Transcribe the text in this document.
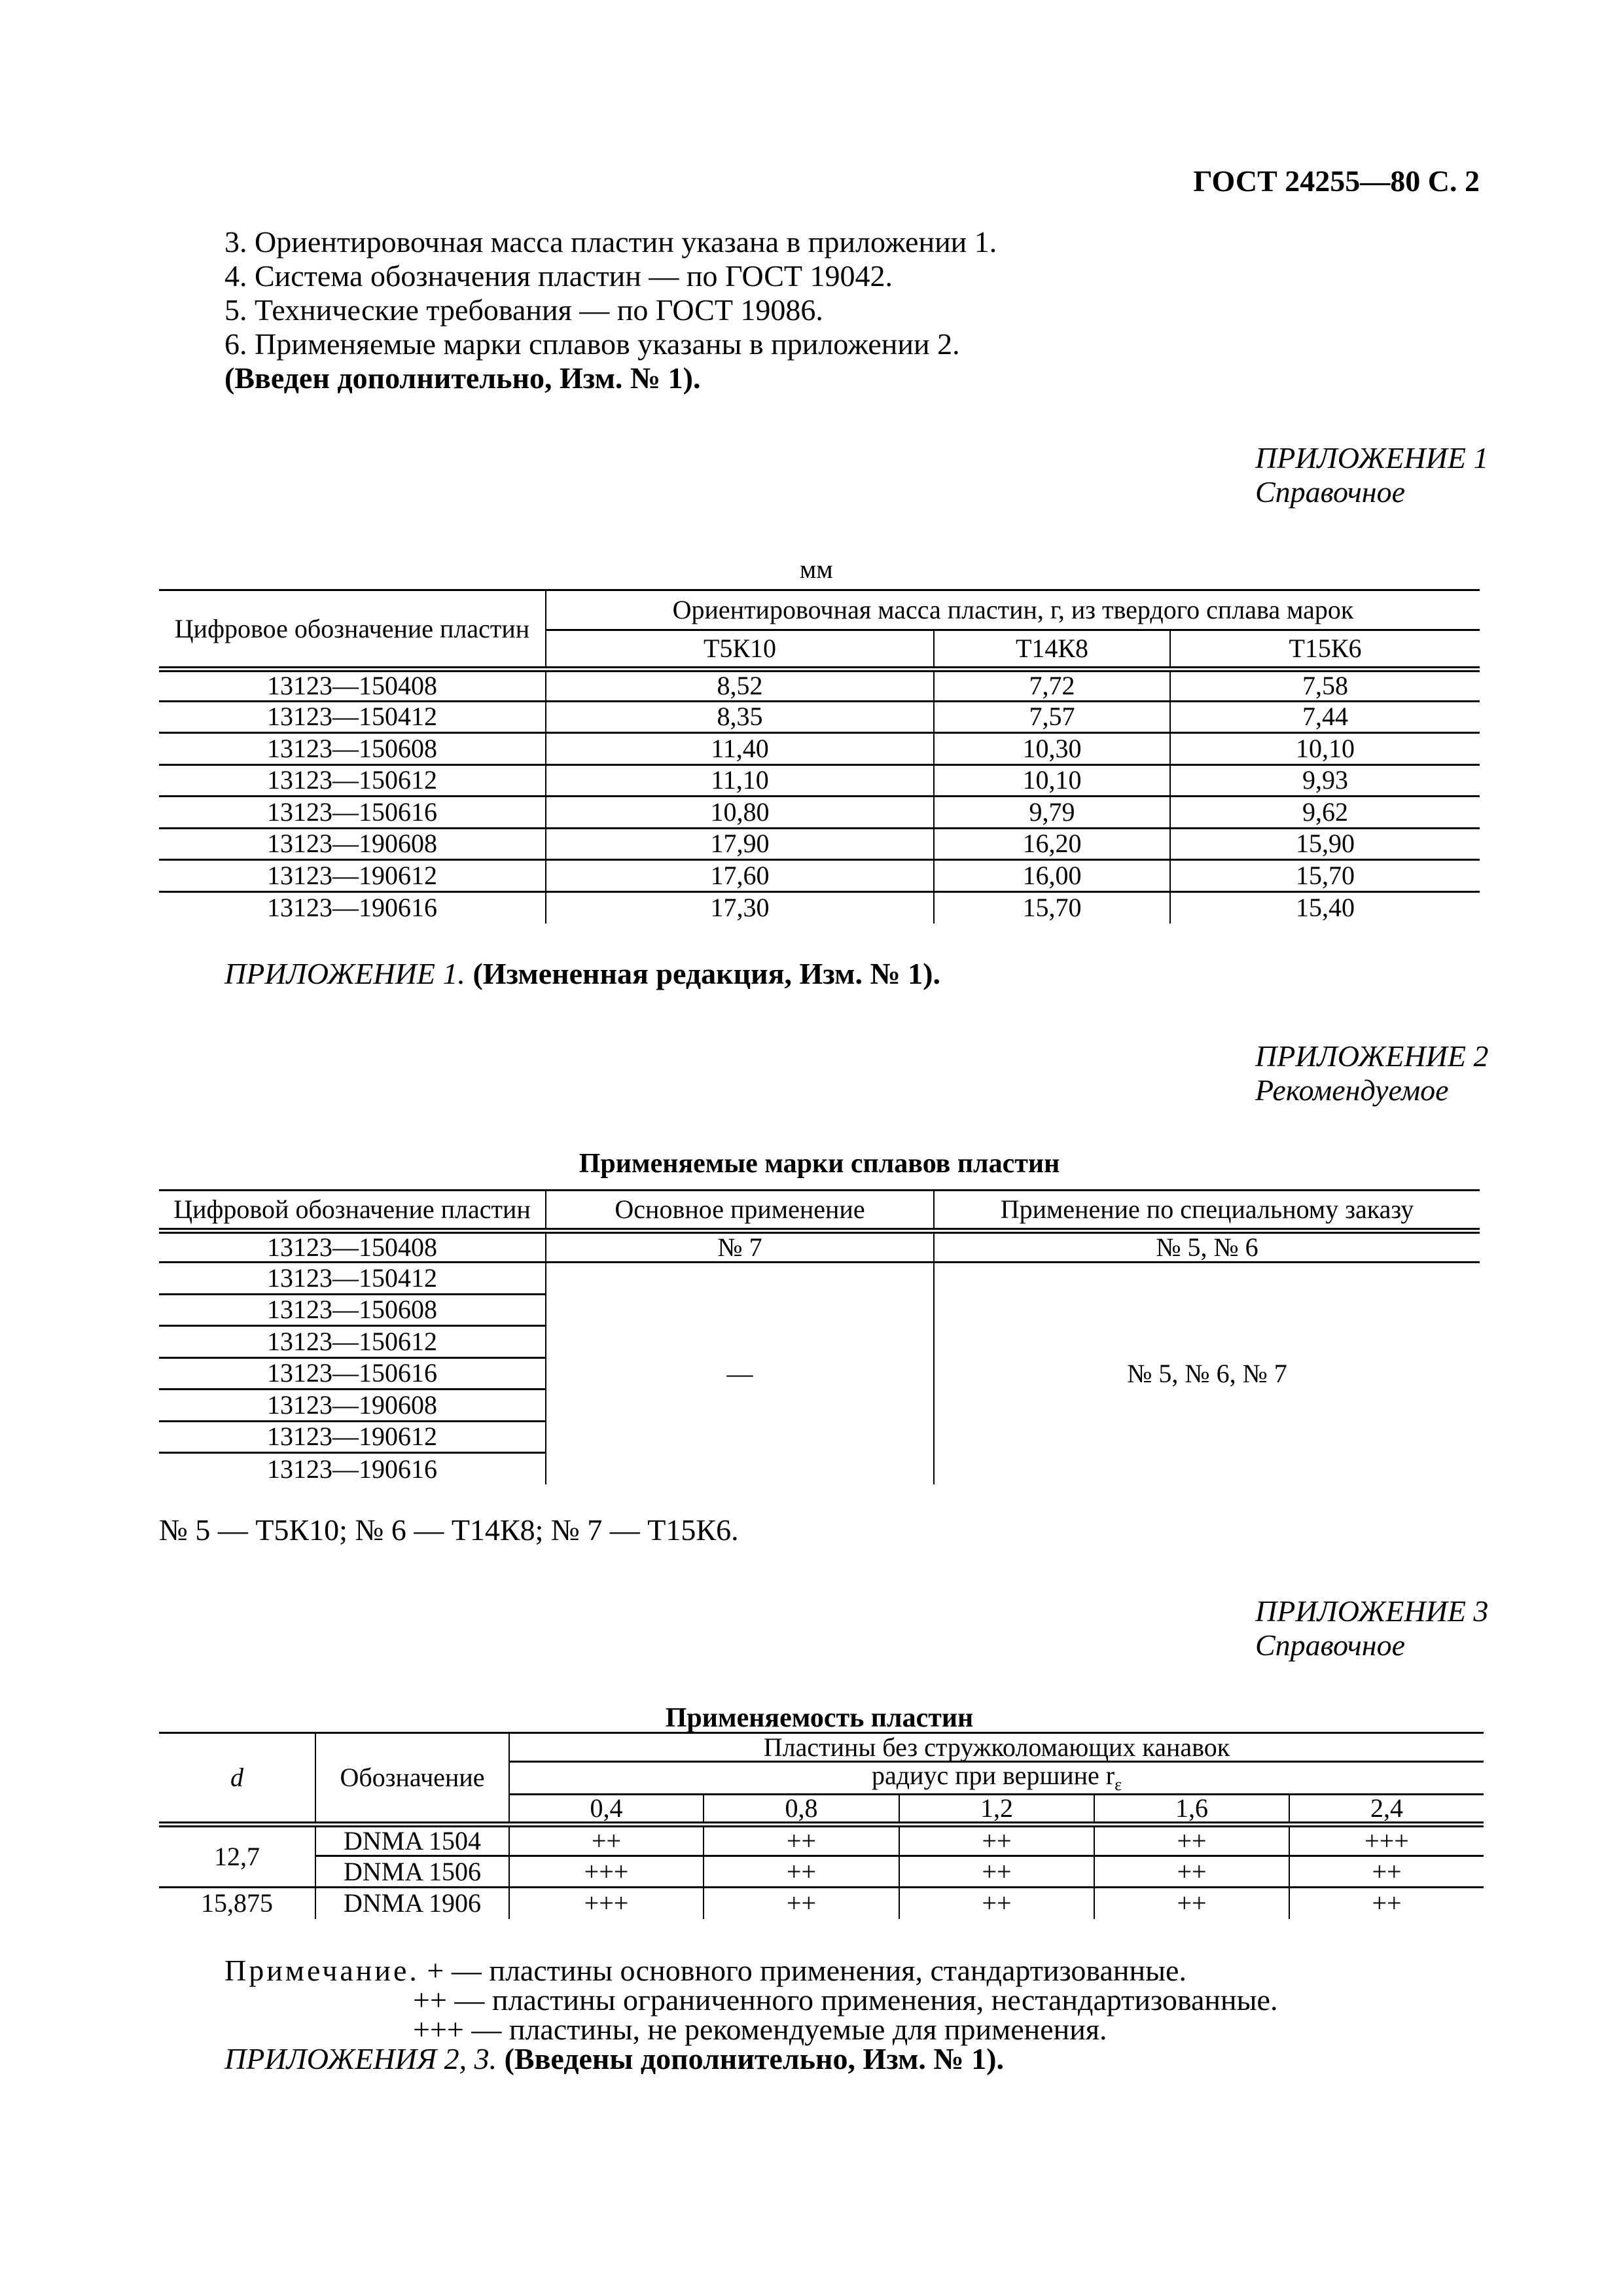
ГОСТ 24255—80 С. 2
3. Ориентировочная масса пластин указана в приложении 1.
4. Система обозначения пластин — по ГОСТ 19042.
5. Технические требования — по ГОСТ 19086.
6. Применяемые марки сплавов указаны в приложении 2.
(Введен дополнительно, Изм. № 1).
ПРИЛОЖЕНИЕ 1
Справочное
мм
Цифровое обозначение пластин	Ориентировочная масса пластин, г, из твердого сплава марок		
	Т5К10	Т14К8	Т15К6
13123—150408	8,52	7,72	7,58
13123—150412	8,35	7,57	7,44
13123—150608	11,40	10,30	10,10
13123—150612	11,10	10,10	9,93
13123—150616	10,80	9,79	9,62
13123—190608	17,90	16,20	15,90
13123—190612	17,60	16,00	15,70
13123—190616	17,30	15,70	15,40
ПРИЛОЖЕНИЕ 1. (Измененная редакция, Изм. № 1).
ПРИЛОЖЕНИЕ 2
Рекомендуемое
Применяемые марки сплавов пластин
Цифровой обозначение пластин	Основное применение	Применение по специальному заказу
13123—150408	№ 7	№ 5, № 6
13123—150412	—	№ 5, № 6, № 7
13123—150608		
13123—150612		
13123—150616		
13123—190608		
13123—190612		
13123—190616		
№ 5 — Т5К10; № 6 — Т14К8; № 7 — Т15К6.
ПРИЛОЖЕНИЕ 3
Справочное
Применяемость пластин
d	Обозначение	Пластины без стружколомающих канавок				
		радиус при вершине $r_\varepsilon$
		0,4	0,8	1,2	1,6	2,4
12,7	DNMA 1504	++	++	++	++	+++
	DNMA 1506	+++	++	++	++	++
15,875	DNMA 1906	+++	++	++	++	++
Примечание. + — пластины основного применения, стандартизованные.
++ — пластины ограниченного применения, нестандартизованные.
+++ — пластины, не рекомендуемые для применения.
ПРИЛОЖЕНИЯ 2, 3. (Введены дополнительно, Изм. № 1).
